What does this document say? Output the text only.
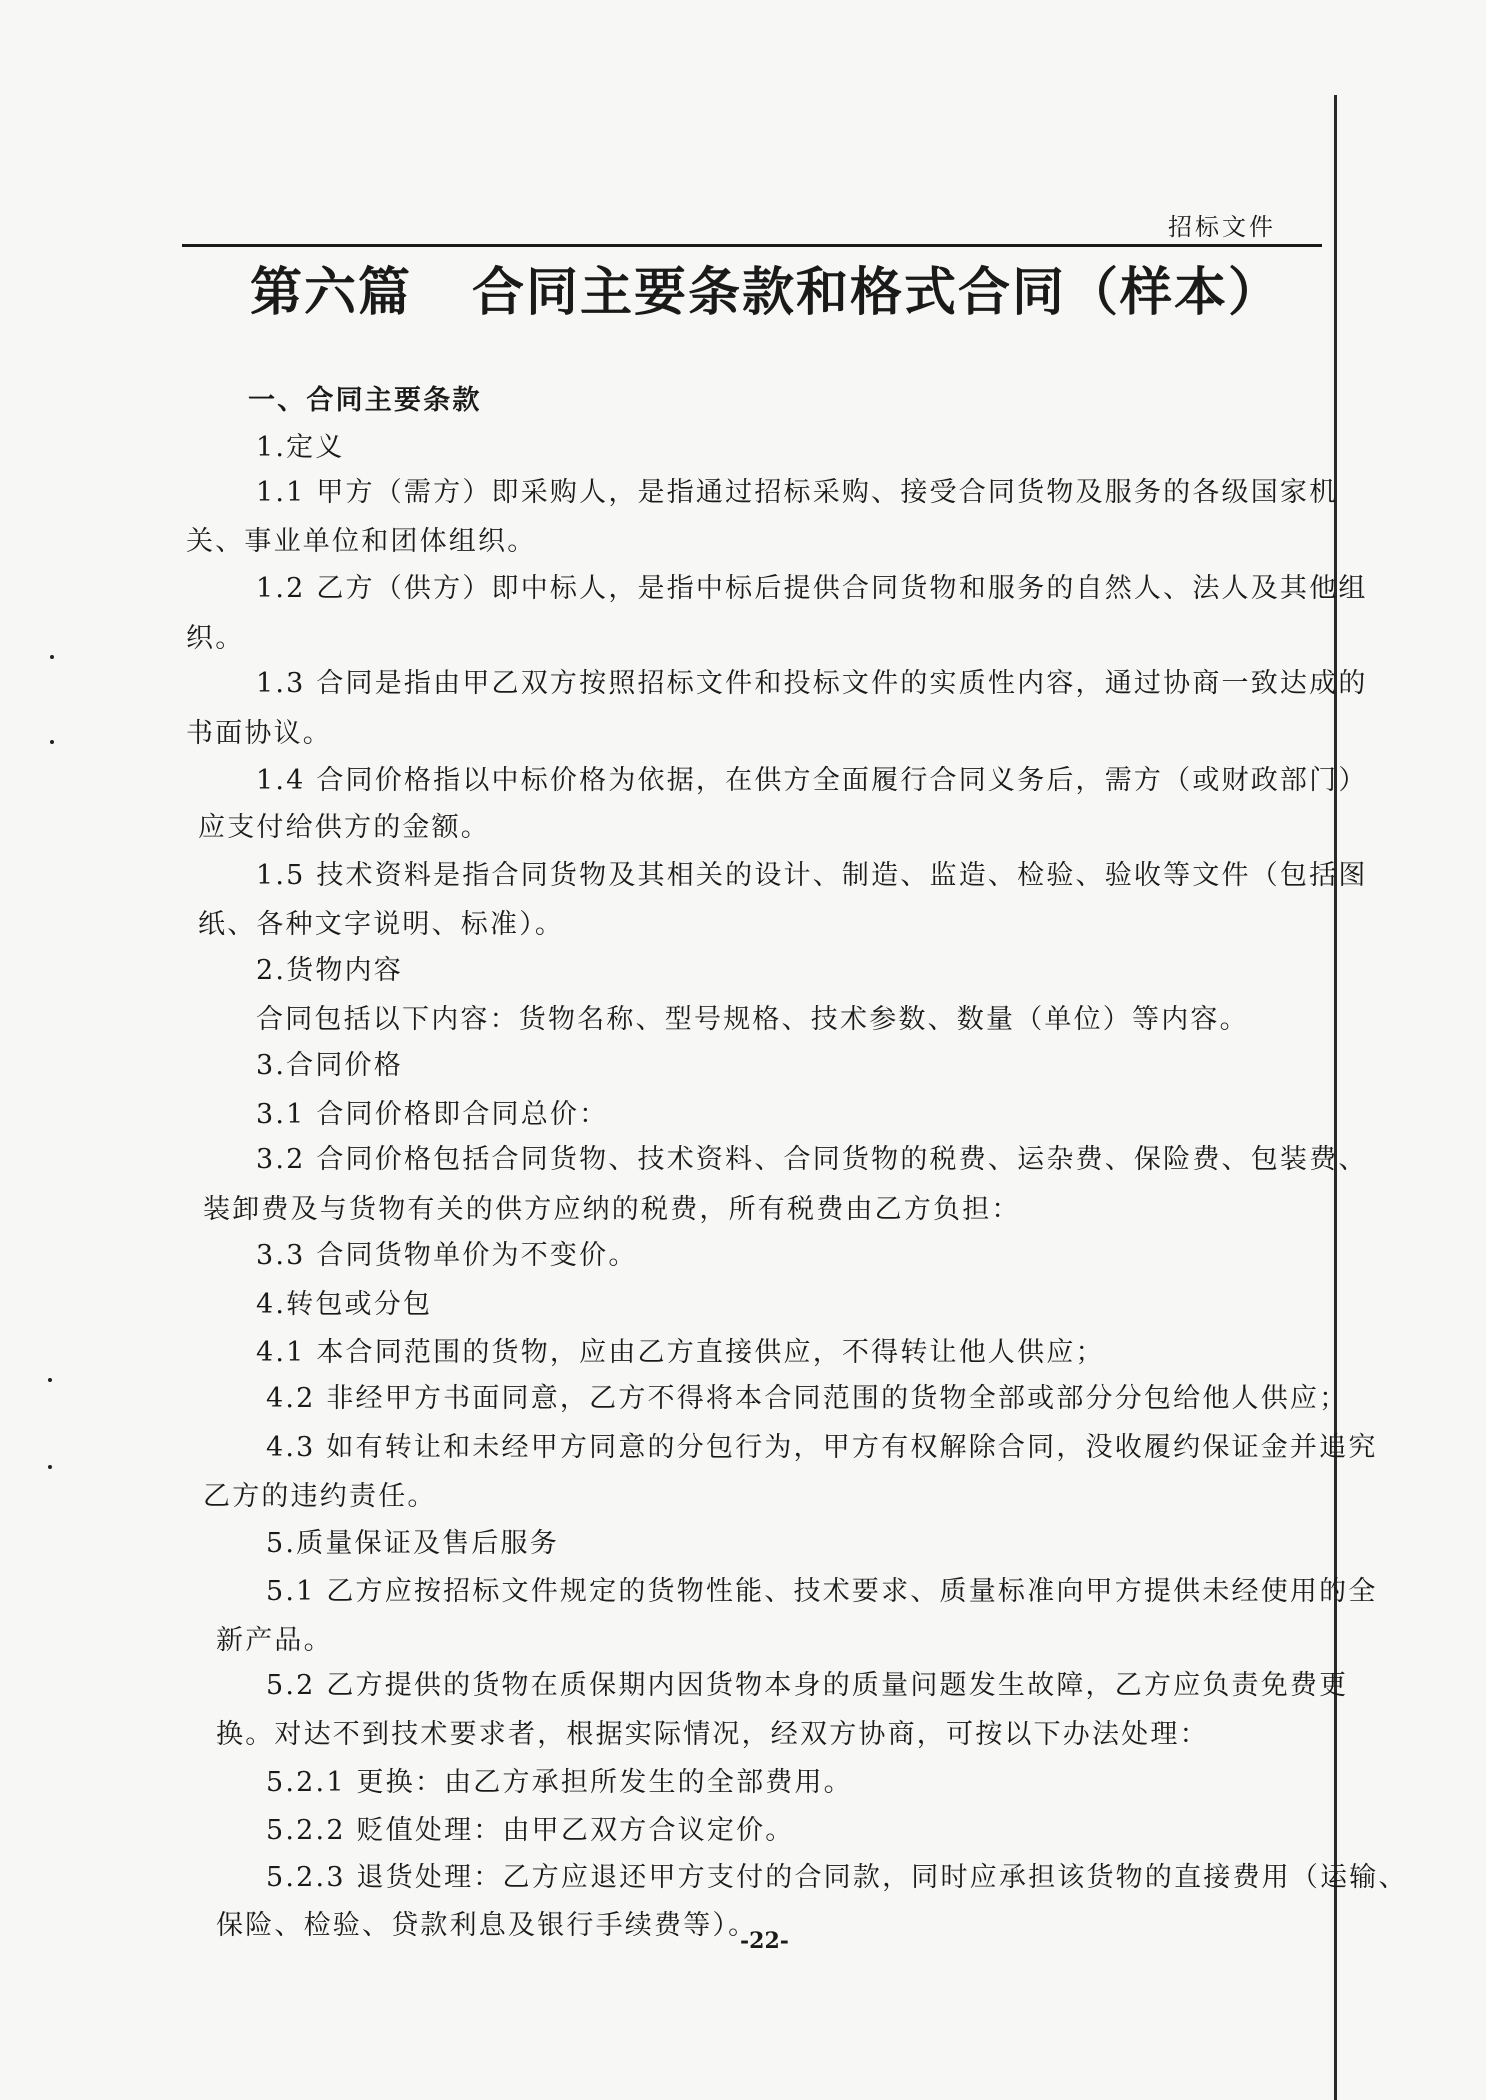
招标文件
第六篇 合同主要条款和格式合同（样本）
一、合同主要条款
1.定义
1.1 甲方（需方）即采购人，是指通过招标采购、接受合同货物及服务的各级国家机
关、事业单位和团体组织。
1.2 乙方（供方）即中标人，是指中标后提供合同货物和服务的自然人、法人及其他组
织。
1.3 合同是指由甲乙双方按照招标文件和投标文件的实质性内容，通过协商一致达成的
书面协议。
1.4 合同价格指以中标价格为依据，在供方全面履行合同义务后，需方（或财政部门）
应支付给供方的金额。
1.5 技术资料是指合同货物及其相关的设计、制造、监造、检验、验收等文件（包括图
纸、各种文字说明、标准）。
2.货物内容
合同包括以下内容：货物名称、型号规格、技术参数、数量（单位）等内容。
3.合同价格
3.1 合同价格即合同总价：
3.2 合同价格包括合同货物、技术资料、合同货物的税费、运杂费、保险费、包装费、
装卸费及与货物有关的供方应纳的税费，所有税费由乙方负担：
3.3 合同货物单价为不变价。
4.转包或分包
4.1 本合同范围的货物，应由乙方直接供应，不得转让他人供应；
4.2 非经甲方书面同意，乙方不得将本合同范围的货物全部或部分分包给他人供应；
4.3 如有转让和未经甲方同意的分包行为，甲方有权解除合同，没收履约保证金并追究
乙方的违约责任。
5.质量保证及售后服务
5.1 乙方应按招标文件规定的货物性能、技术要求、质量标准向甲方提供未经使用的全
新产品。
5.2 乙方提供的货物在质保期内因货物本身的质量问题发生故障，乙方应负责免费更
换。对达不到技术要求者，根据实际情况，经双方协商，可按以下办法处理：
5.2.1 更换：由乙方承担所发生的全部费用。
5.2.2 贬值处理：由甲乙双方合议定价。
5.2.3 退货处理：乙方应退还甲方支付的合同款，同时应承担该货物的直接费用（运输、
保险、检验、贷款利息及银行手续费等）。
-22-
